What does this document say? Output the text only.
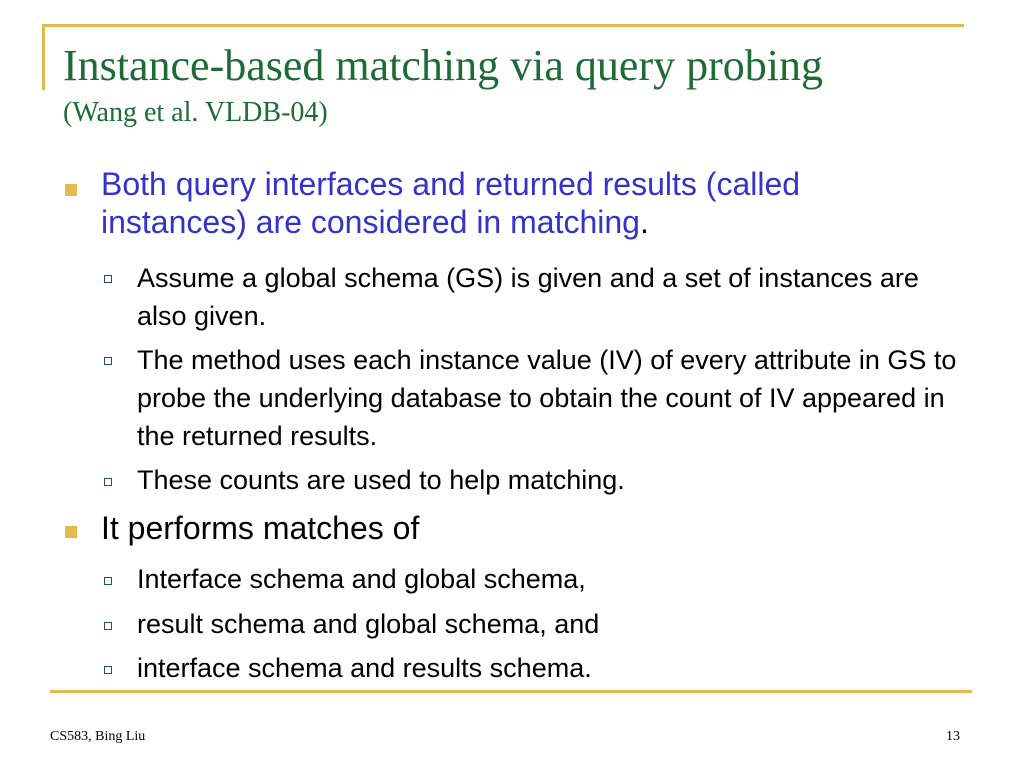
Instance-based matching via query probing
(Wang et al. VLDB-04)

Both query interfaces and returned results (called instances) are considered in matching.

Assume a global schema (GS) is given and a set of instances are also given.

The method uses each instance value (IV) of every attribute in GS to probe the underlying database to obtain the count of IV appeared in the returned results.

These counts are used to help matching.

It performs matches of

Interface schema and global schema,

result schema and global schema, and

interface schema and results schema.

CS583, Bing Liu	13
